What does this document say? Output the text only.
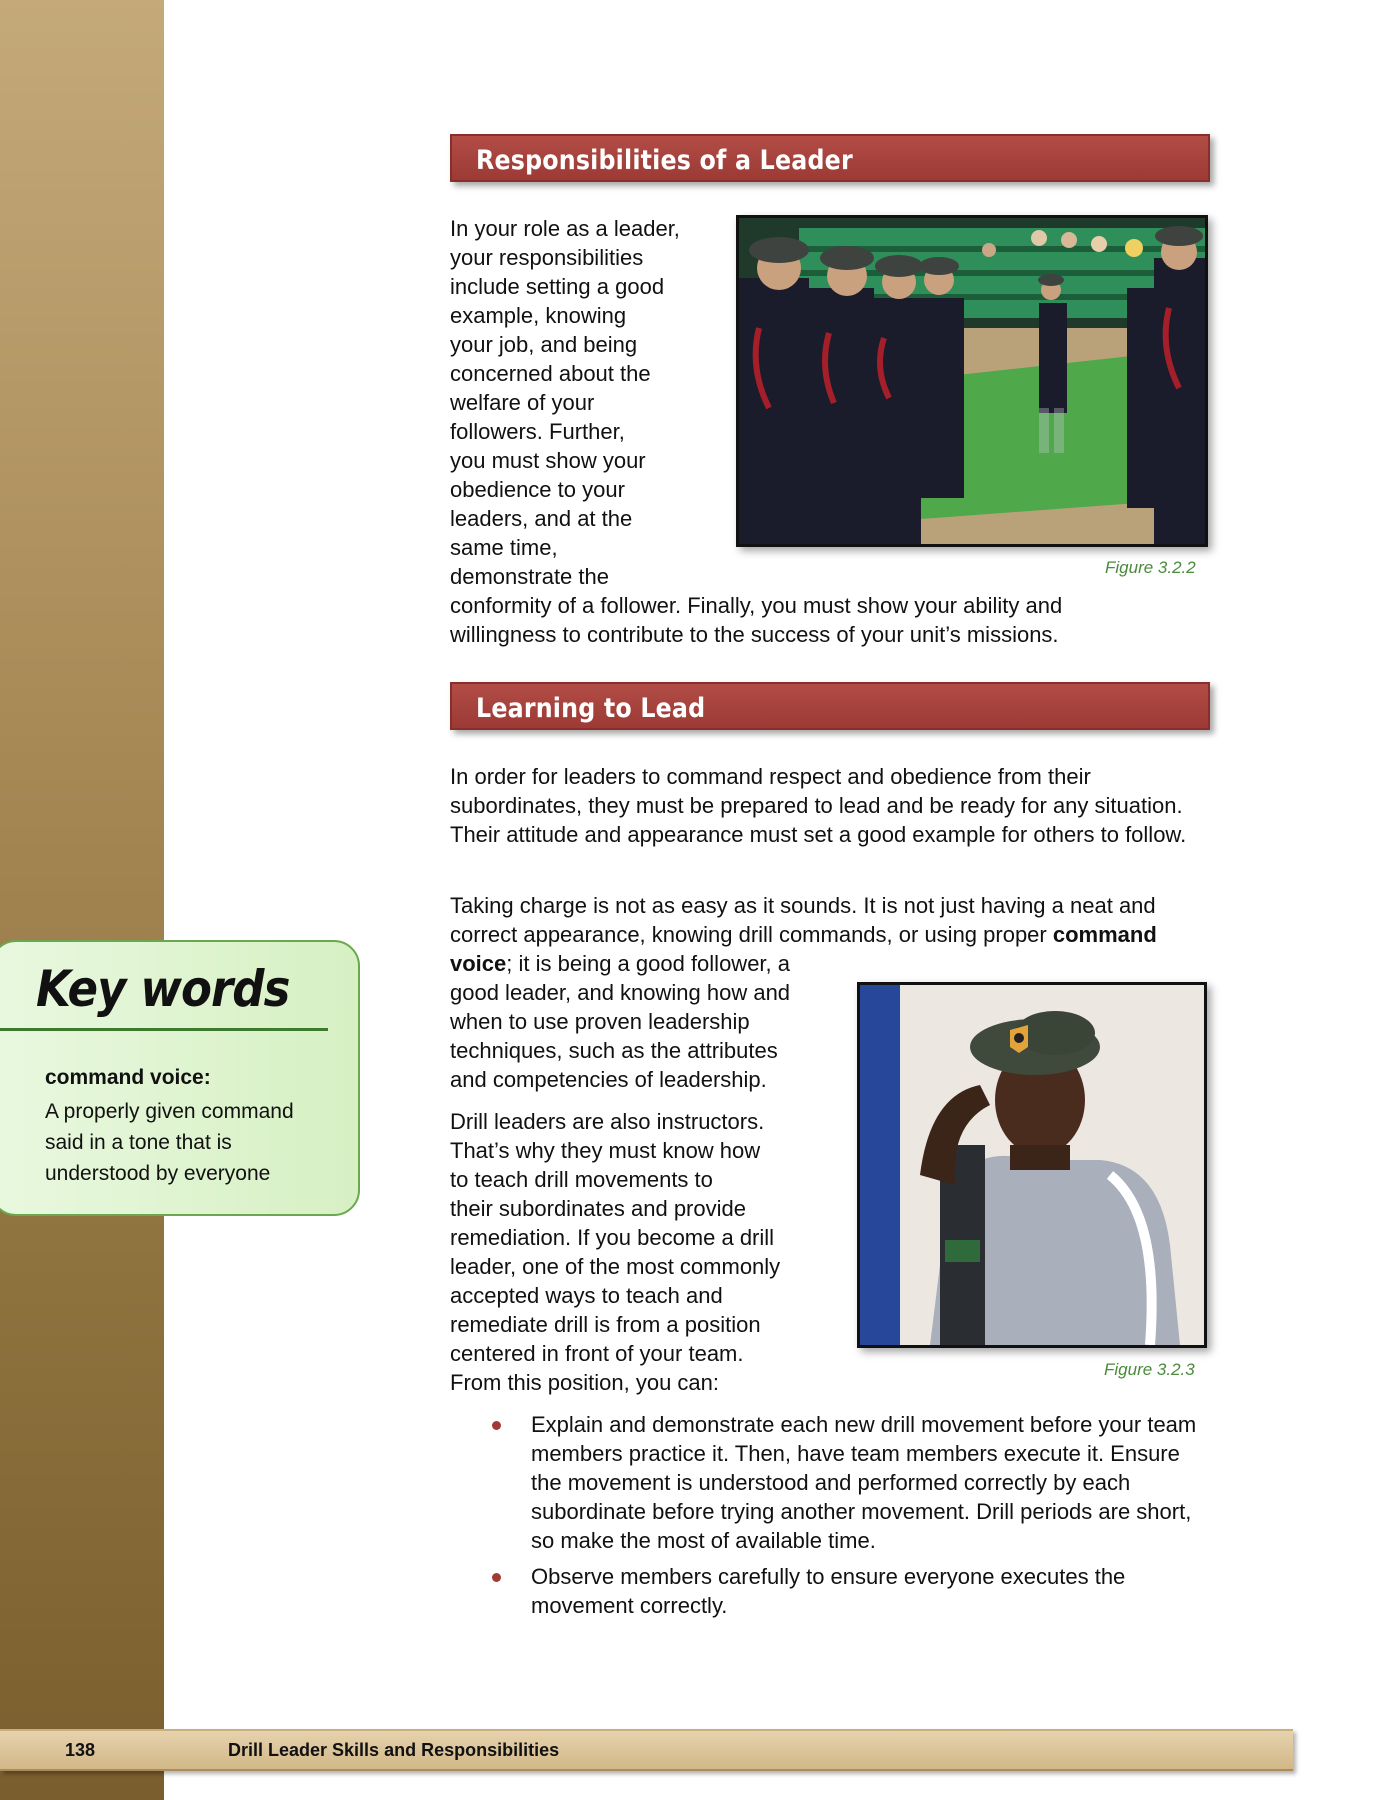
Responsibilities of a Leader

In your role as a leader,

your responsibilities

include setting a good

example, knowing

your job, and being

concerned about the

welfare of your

followers. Further,

you must show your

obedience to your

leaders, and at the

same time,

demonstrate the

conformity of a follower. Finally, you must show your ability and

willingness to contribute to the success of your unit’s missions.

Figure 3.2.2
Learning to Lead
In order for leaders to command respect and obedience from their subordinates, they must be prepared to lead and be ready for any situation. Their attitude and appearance must set a good example for others to follow.

Taking charge is not as easy as it sounds. It is not just having a neat and

correct appearance, knowing drill commands, or using proper command

voice; it is being a good follower, a

good leader, and knowing how and

when to use proven leadership

techniques, such as the attributes

and competencies of leadership.

Drill leaders are also instructors.

That’s why they must know how

to teach drill movements to

their subordinates and provide

remediation. If you become a drill

leader, one of the most commonly

accepted ways to teach and

remediate drill is from a position

centered in front of your team.

From this position, you can:

Figure 3.2.3
Explain and demonstrate each new drill movement before your team members practice it. Then, have team members execute it. Ensure the movement is understood and performed correctly by each subordinate before trying another movement. Drill periods are short, so make the most of available time.
Observe members carefully to ensure everyone executes the movement correctly.
Key words
command voice:
A properly given command said in a tone that is understood by everyone
138	Drill Leader Skills and Responsibilities
